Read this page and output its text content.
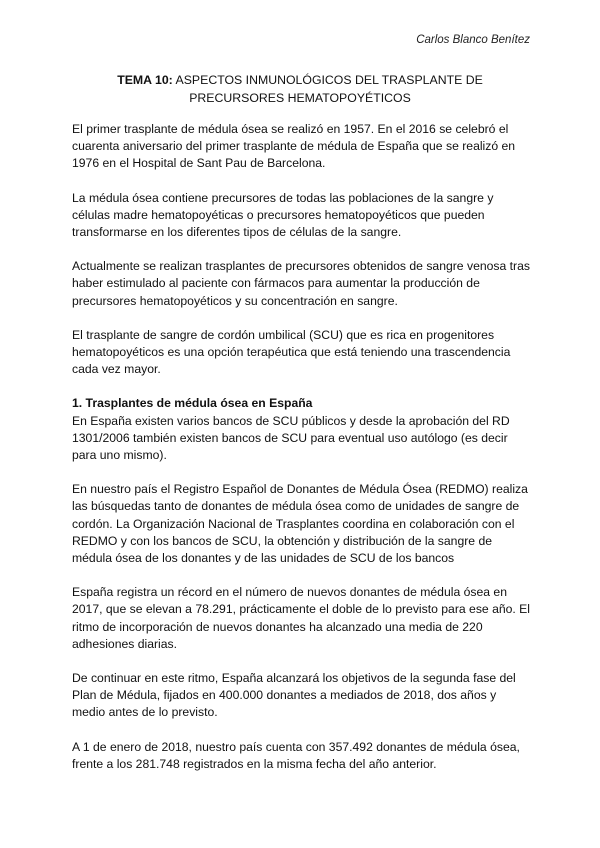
Carlos Blanco Benítez
TEMA 10: ASPECTOS INMUNOLÓGICOS DEL TRASPLANTE DE
PRECURSORES HEMATOPOYÉTICOS

El primer trasplante de médula ósea se realizó en 1957. En el 2016 se celebró el cuarenta aniversario del primer trasplante de médula de España que se realizó en 1976 en el Hospital de Sant Pau de Barcelona.

La médula ósea contiene precursores de todas las poblaciones de la sangre y células madre hematopoyéticas o precursores hematopoyéticos que pueden transformarse en los diferentes tipos de células de la sangre.

Actualmente se realizan trasplantes de precursores obtenidos de sangre venosa tras haber estimulado al paciente con fármacos para aumentar la producción de precursores hematopoyéticos y su concentración en sangre.

El trasplante de sangre de cordón umbilical (SCU) que es rica en progenitores hematopoyéticos es una opción terapéutica que está teniendo una trascendencia cada vez mayor.

1. Trasplantes de médula ósea en España

En España existen varios bancos de SCU públicos y desde la aprobación del RD 1301/2006 también existen bancos de SCU para eventual uso autólogo (es decir para uno mismo).

En nuestro país el Registro Español de Donantes de Médula Ósea (REDMO) realiza las búsquedas tanto de donantes de médula ósea como de unidades de sangre de cordón. La Organización Nacional de Trasplantes coordina en colaboración con el REDMO y con los bancos de SCU, la obtención y distribución de la sangre de médula ósea de los donantes y de las unidades de SCU de los bancos

España registra un récord en el número de nuevos donantes de médula ósea en 2017, que se elevan a 78.291, prácticamente el doble de lo previsto para ese año. El ritmo de incorporación de nuevos donantes ha alcanzado una media de 220 adhesiones diarias.

De continuar en este ritmo, España alcanzará los objetivos de la segunda fase del Plan de Médula, fijados en 400.000 donantes a mediados de 2018, dos años y medio antes de lo previsto.

A 1 de enero de 2018, nuestro país cuenta con 357.492 donantes de médula ósea, frente a los 281.748 registrados en la misma fecha del año anterior.
